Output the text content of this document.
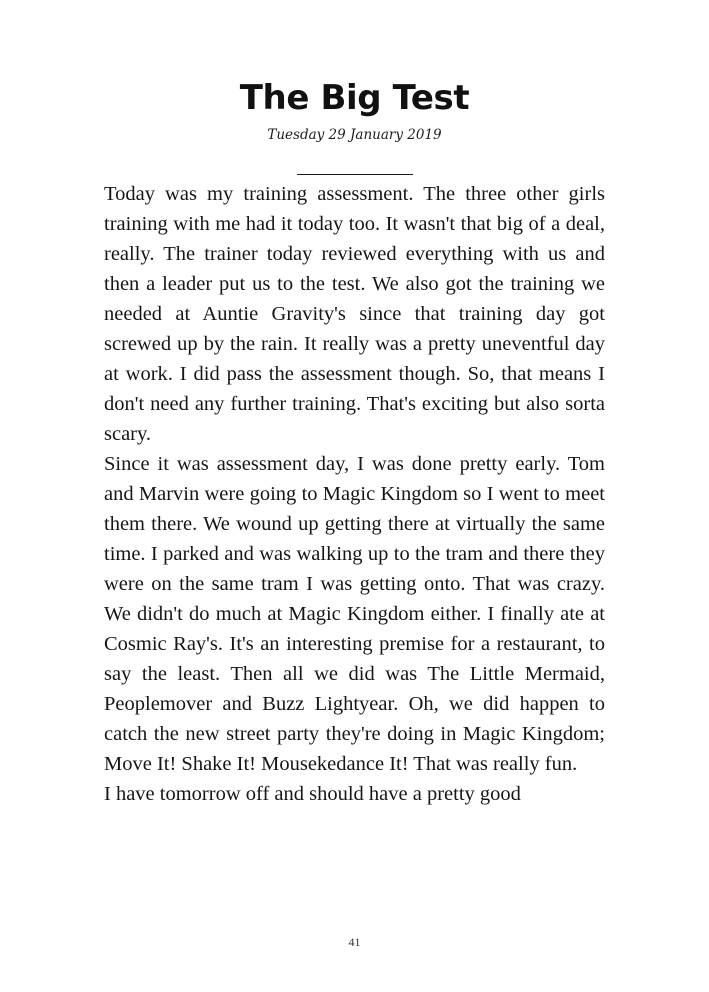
The Big Test
Tuesday 29 January 2019

Today was my training assessment. The three other girls training with me had it today too. It wasn't that big of a deal, really. The trainer today reviewed everything with us and then a leader put us to the test. We also got the training we needed at Auntie Gravity's since that training day got screwed up by the rain. It really was a pretty uneventful day at work. I did pass the assessment though. So, that means I don't need any further training. That's exciting but also sorta scary.

Since it was assessment day, I was done pretty early. Tom and Marvin were going to Magic Kingdom so I went to meet them there. We wound up getting there at virtually the same time. I parked and was walking up to the tram and there they were on the same tram I was getting onto. That was crazy. We didn't do much at Magic Kingdom either. I finally ate at Cosmic Ray's. It's an interesting premise for a restaurant, to say the least. Then all we did was The Little Mermaid, Peoplemover and Buzz Lightyear. Oh, we did happen to catch the new street party they're doing in Magic Kingdom; Move It! Shake It! Mousekedance It! That was really fun.

I have tomorrow off and should have a pretty good

41
